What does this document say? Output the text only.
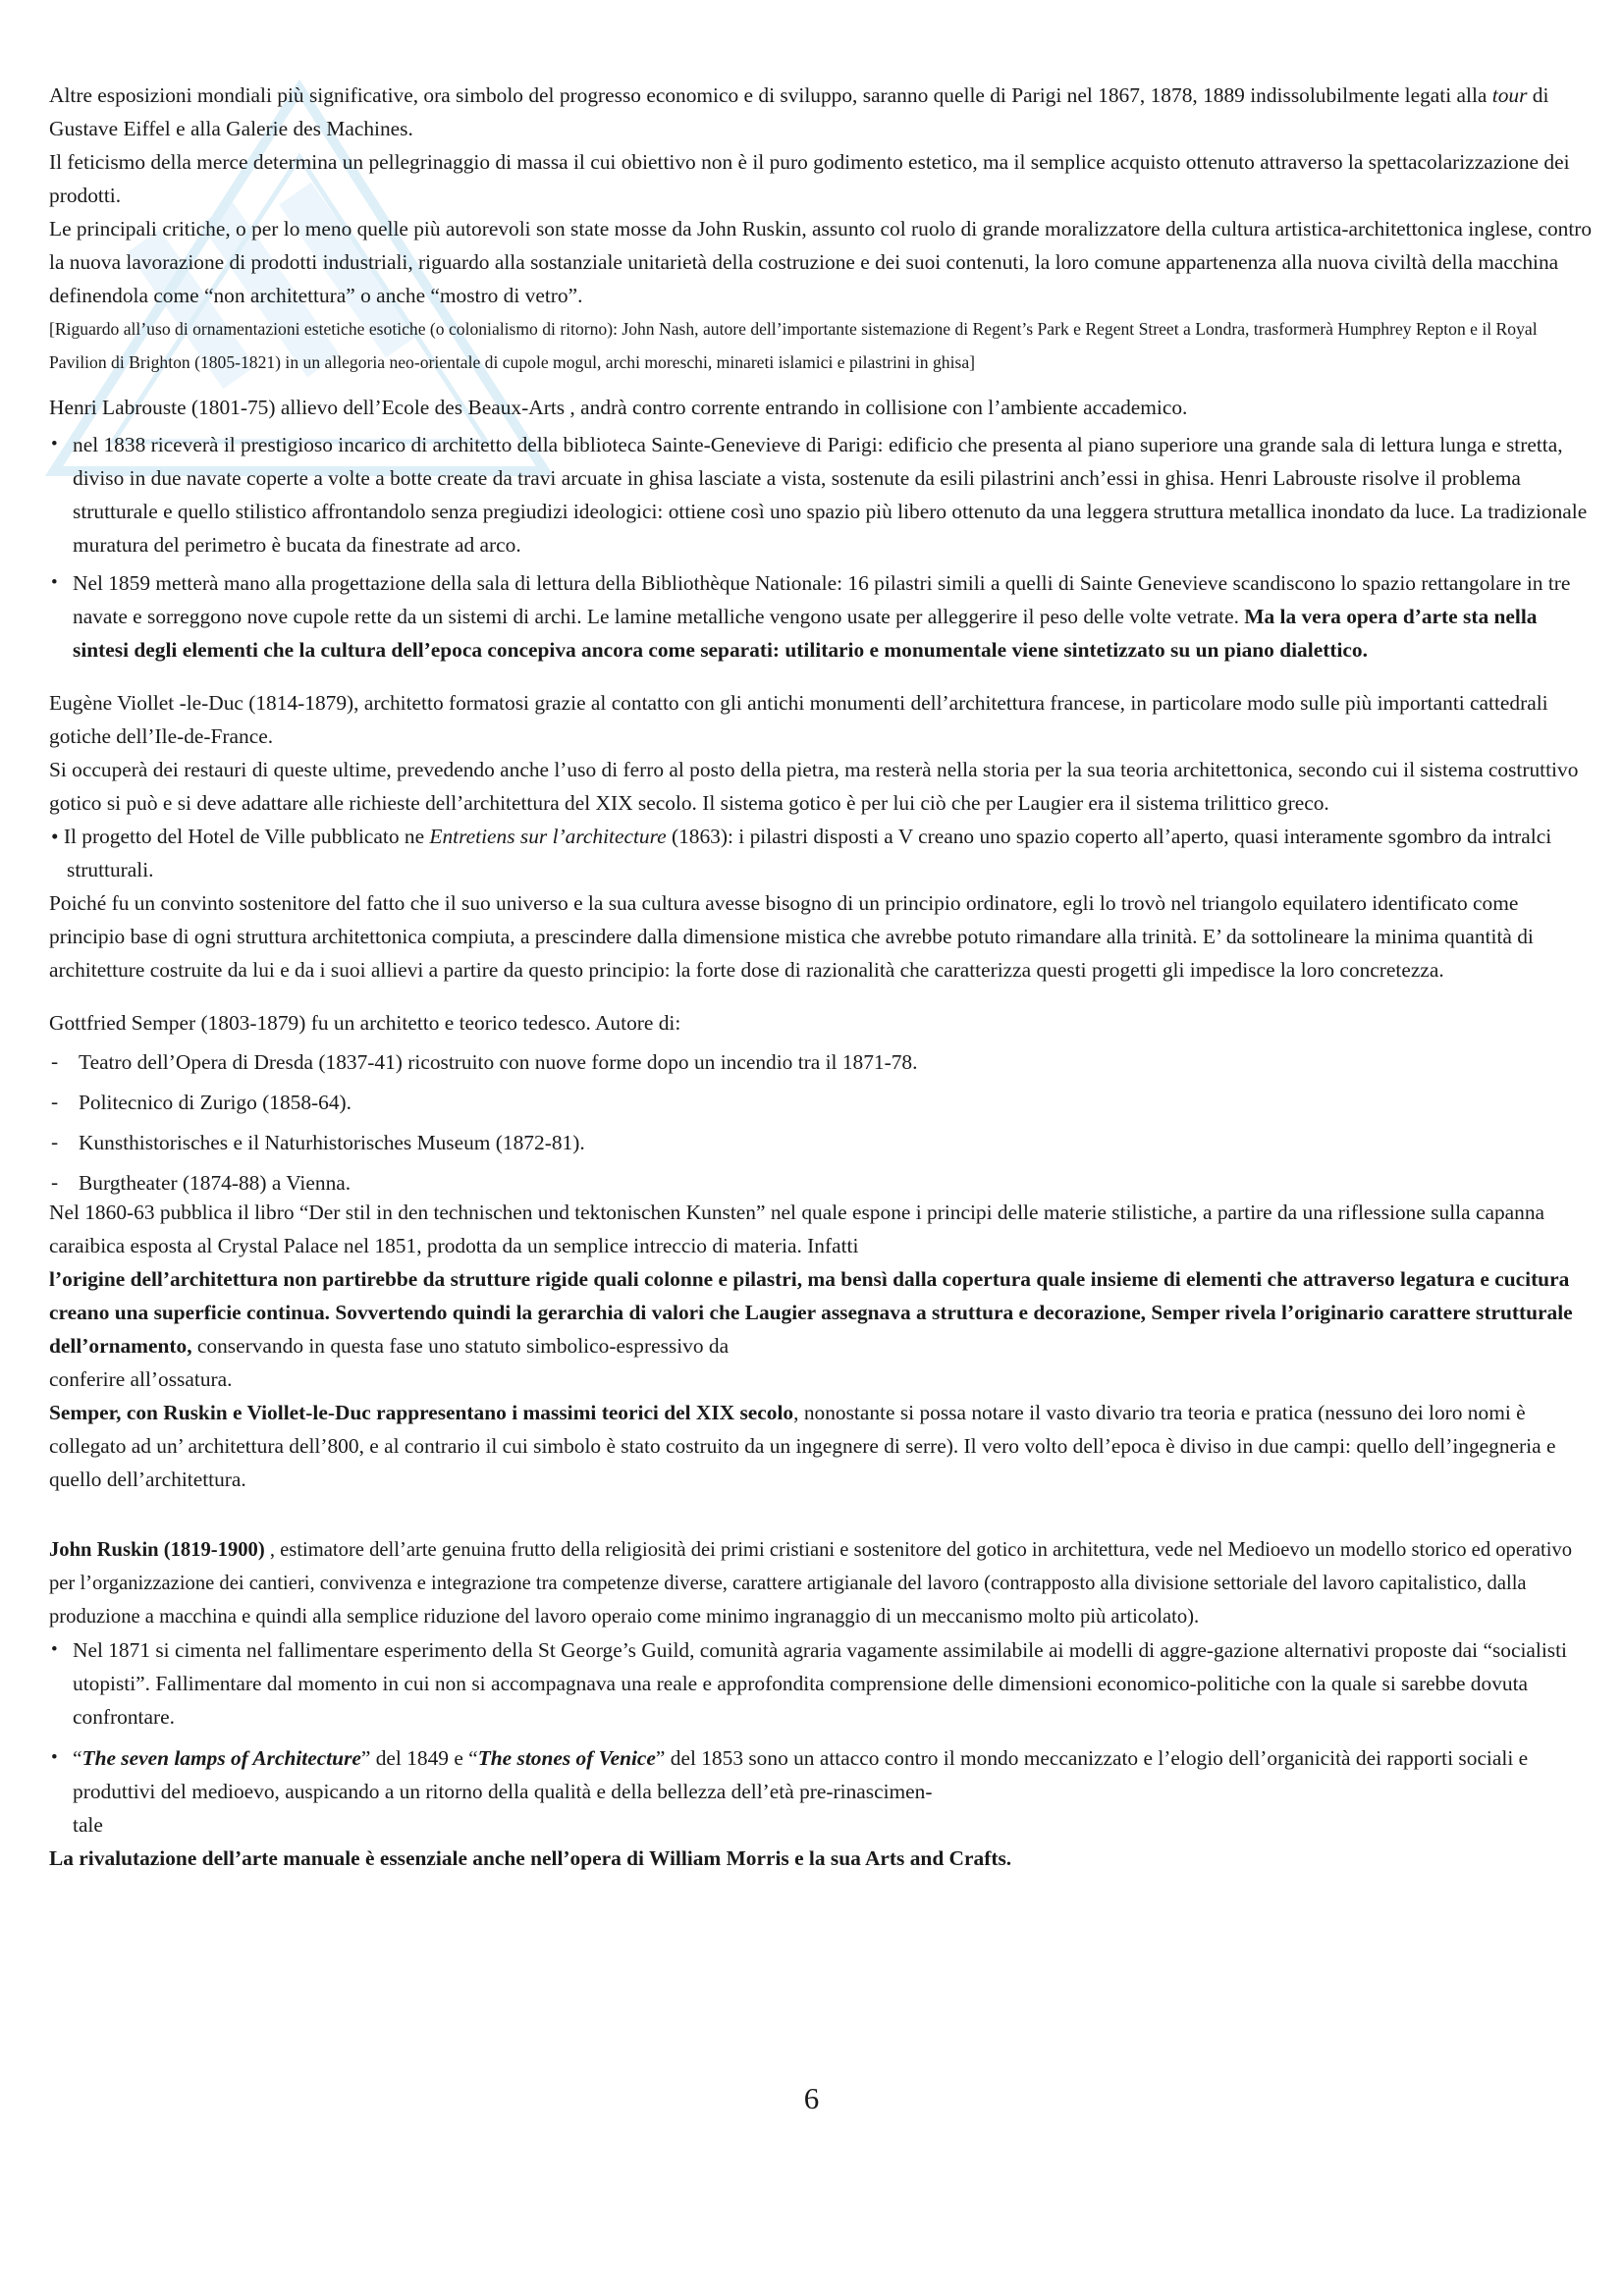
Altre esposizioni mondiali più significative, ora simbolo del progresso economico e di sviluppo, saranno quelle di Parigi nel 1867, 1878, 1889 indissolubilmente legati alla tour di Gustave Eiffel e alla Galerie des Machines.

Il feticismo della merce determina un pellegrinaggio di massa il cui obiettivo non è il puro godimento estetico, ma il semplice acquisto ottenuto attraverso la spettacolarizzazione dei prodotti.

Le principali critiche, o per lo meno quelle più autorevoli son state mosse da John Ruskin, assunto col ruolo di grande moralizzatore della cultura artistica-architettonica inglese, contro la nuova lavorazione di prodotti industriali, riguardo alla sostanziale unitarietà della costruzione e dei suoi contenuti, la loro comune appartenenza alla nuova civiltà della macchina definendola come “non architettura” o anche “mostro di vetro”.

[Riguardo all’uso di ornamentazioni estetiche esotiche (o colonialismo di ritorno): John Nash, autore dell’importante sistemazione di Regent’s Park e Regent Street a Londra, trasformerà Humphrey Repton e il Royal Pavilion di Brighton (1805-1821) in un allegoria neo-orientale di cupole mogul, archi moreschi, minareti islamici e pilastrini in ghisa]

Henri Labrouste (1801-75) allievo dell’Ecole des Beaux-Arts , andrà contro corrente entrando in collisione con l’ambiente accademico.

• nel 1838 riceverà il prestigioso incarico di architetto della biblioteca Sainte-Genevieve di Parigi: edificio che presenta al piano superiore una grande sala di lettura lunga e stretta, diviso in due navate coperte a volte a botte create da travi arcuate in ghisa lasciate a vista, sostenute da esili pilastrini anch’essi in ghisa. Henri Labrouste risolve il problema strutturale e quello stilistico affrontandolo senza pregiudizi ideologici: ottiene così uno spazio più libero ottenuto da una leggera struttura metallica inondato da luce. La tradizionale muratura del perimetro è bucata da finestrate ad arco.
• Nel 1859 metterà mano alla progettazione della sala di lettura della Bibliothèque Nationale: 16 pilastri simili a quelli di Sainte Genevieve scandiscono lo spazio rettangolare in tre navate e sorreggono nove cupole rette da un sistemi di archi. Le lamine metalliche vengono usate per alleggerire il peso delle volte vetrate. Ma la vera opera d’arte sta nella sintesi degli elementi che la cultura dell’epoca concepiva ancora come separati: utilitario e monumentale viene sintetizzato su un piano dialettico.

Eugène Viollet -le-Duc (1814-1879), architetto formatosi grazie al contatto con gli antichi monumenti dell’architettura francese, in particolare modo sulle più importanti cattedrali gotiche dell’Ile-de-France.

Si occuperà dei restauri di queste ultime, prevedendo anche l’uso di ferro al posto della pietra, ma resterà nella storia per la sua teoria architettonica, secondo cui il sistema costruttivo gotico si può e si deve adattare alle richieste dell’architettura del XIX secolo. Il sistema gotico è per lui ciò che per Laugier era il sistema trilittico greco.

• Il progetto del Hotel de Ville pubblicato ne Entretiens sur l’architecture (1863): i pilastri disposti a V creano uno spazio coperto all’aperto, quasi interamente sgombro da intralci strutturali.

Poiché fu un convinto sostenitore del fatto che il suo universo e la sua cultura avesse bisogno di un principio ordinatore, egli lo trovò nel triangolo equilatero identificato come principio base di ogni struttura architettonica compiuta, a prescindere dalla dimensione mistica che avrebbe potuto rimandare alla trinità. E’ da sottolineare la minima quantità di architetture costruite da lui e da i suoi allievi a partire da questo principio: la forte dose di razionalità che caratterizza questi progetti gli impedisce la loro concretezza.

Gottfried Semper (1803-1879) fu un architetto e teorico tedesco. Autore di:

- Teatro dell’Opera di Dresda (1837-41) ricostruito con nuove forme dopo un incendio tra il 1871-78.
- Politecnico di Zurigo (1858-64).
- Kunsthistorisches e il Naturhistorisches Museum (1872-81).
- Burgtheater (1874-88) a Vienna.

Nel 1860-63 pubblica il libro “Der stil in den technischen und tektonischen Kunsten” nel quale espone i principi delle materie stilistiche, a partire da una riflessione sulla capanna caraibica esposta al Crystal Palace nel 1851, prodotta da un semplice intreccio di materia. Infatti

l’origine dell’architettura non partirebbe da strutture rigide quali colonne e pilastri, ma bensì dalla copertura quale insieme di elementi che attraverso legatura e cucitura creano una superficie continua. Sovvertendo quindi la gerarchia di valori che Laugier assegnava a struttura e decorazione, Semper rivela l’originario carattere strutturale dell’ornamento, conservando in questa fase uno statuto simbolico-espressivo da

conferire all’ossatura.

Semper, con Ruskin e Viollet-le-Duc rappresentano i massimi teorici del XIX secolo, nonostante si possa notare il vasto divario tra teoria e pratica (nessuno dei loro nomi è collegato ad un’ architettura dell’800, e al contrario il cui simbolo è stato costruito da un ingegnere di serre). Il vero volto dell’epoca è diviso in due campi: quello dell’ingegneria e quello dell’architettura.

John Ruskin (1819-1900) , estimatore dell’arte genuina frutto della religiosità dei primi cristiani e sostenitore del gotico in architettura, vede nel Medioevo un modello storico ed operativo per l’organizzazione dei cantieri, convivenza e integrazione tra competenze diverse, carattere artigianale del lavoro (contrapposto alla divisione settoriale del lavoro capitalistico, dalla produzione a macchina e quindi alla semplice riduzione del lavoro operaio come minimo ingranaggio di un meccanismo molto più articolato).

• Nel 1871 si cimenta nel fallimentare esperimento della St George’s Guild, comunità agraria vagamente assimilabile ai modelli di aggre-gazione alternativi proposte dai “socialisti utopisti”. Fallimentare dal momento in cui non si accompagnava una reale e approfondita comprensione delle dimensioni economico-politiche con la quale si sarebbe dovuta confrontare.
• “The seven lamps of Architecture” del 1849 e “The stones of Venice” del 1853 sono un attacco contro il mondo meccanizzato e l’elogio dell’organicità dei rapporti sociali e produttivi del medioevo, auspicando a un ritorno della qualità e della bellezza dell’età pre-rinascimen-
tale

La rivalutazione dell’arte manuale è essenziale anche nell’opera di William Morris e la sua Arts and Crafts.

6
